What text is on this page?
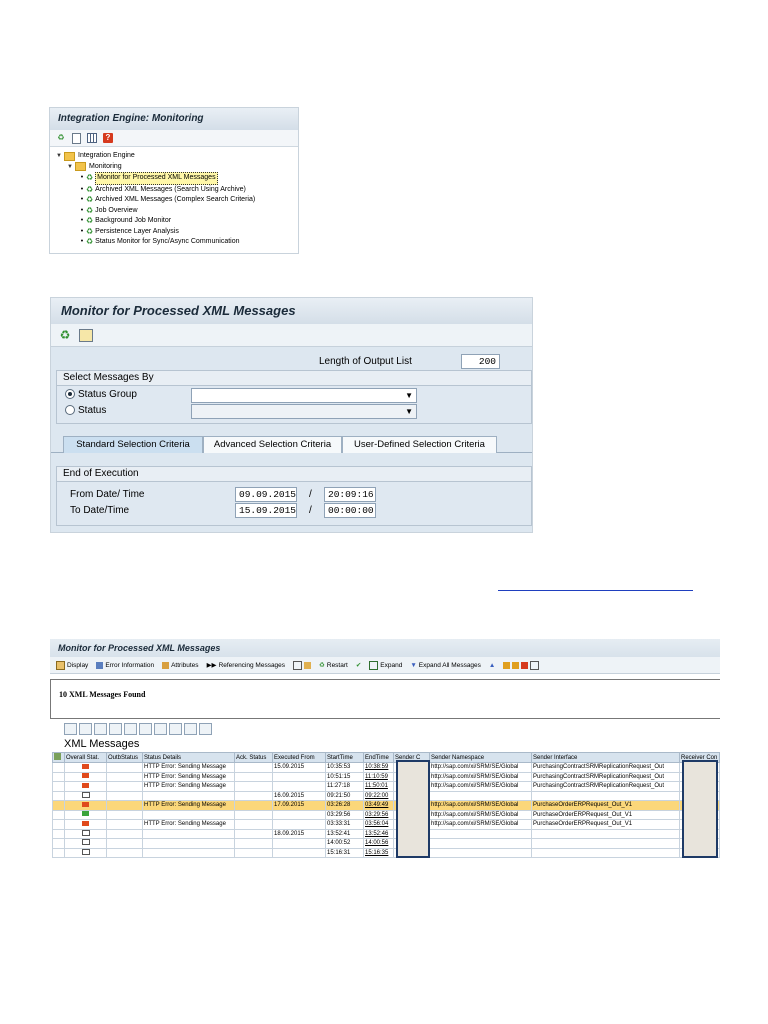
Integration Engine: Monitoring
♻	?
▼ Integration Engine
▼ Monitoring
• ♻ Monitor for Processed XML Messages
• ♻ Archived XML Messages (Search Using Archive)
• ♻ Archived XML Messages (Complex Search Criteria)
• ♻ Job Overview
• ♻ Background Job Monitor
• ♻ Persistence Layer Analysis
• ♻ Status Monitor for Sync/Async Communication
Monitor for Processed XML Messages
♻
Length of Output List	200
Select Messages By
Status Group
Status
▼
▼
Standard Selection Criteria	Advanced Selection Criteria	User-Defined Selection Criteria
End of Execution
From Date/ Time	09.09.2015 /	20:09:16
To Date/Time	15.09.2015 /	00:00:00
Monitor for Processed XML Messages
Display	Error Information	Attributes ▶▶ Referencing Messages	♻ Restart ✔	Expand ▼ Expand All Messages ▲
10 XML Messages Found
XML Messages
	Overall Stat.	OutbStatus	Status Details	Ack. Status	Executed From	StartTime	EndTime	Sender C	Sender Namespace	Sender Interface	Receiver Con
			HTTP Error: Sending Message		15.09.2015	10:35:53	10:38:59		http://sap.com/xi/SRM/SE/Global	PurchasingContractSRMReplicationRequest_Out	
			HTTP Error: Sending Message			10:51:15	11:10:59		http://sap.com/xi/SRM/SE/Global	PurchasingContractSRMReplicationRequest_Out	
			HTTP Error: Sending Message			11:27:18	11:50:01		http://sap.com/xi/SRM/SE/Global	PurchasingContractSRMReplicationRequest_Out	
					16.09.2015	09:21:50	09:22:00				
			HTTP Error: Sending Message		17.09.2015	03:26:28	03:49:49		http://sap.com/xi/SRM/SE/Global	PurchaseOrderERPRequest_Out_V1	
						03:29:56	03:29:56		http://sap.com/xi/SRM/SE/Global	PurchaseOrderERPRequest_Out_V1	
			HTTP Error: Sending Message			03:33:31	03:56:04		http://sap.com/xi/SRM/SE/Global	PurchaseOrderERPRequest_Out_V1	
					18.09.2015	13:52:41	13:52:46				
						14:00:52	14:00:56				
						15:16:31	15:16:35				
